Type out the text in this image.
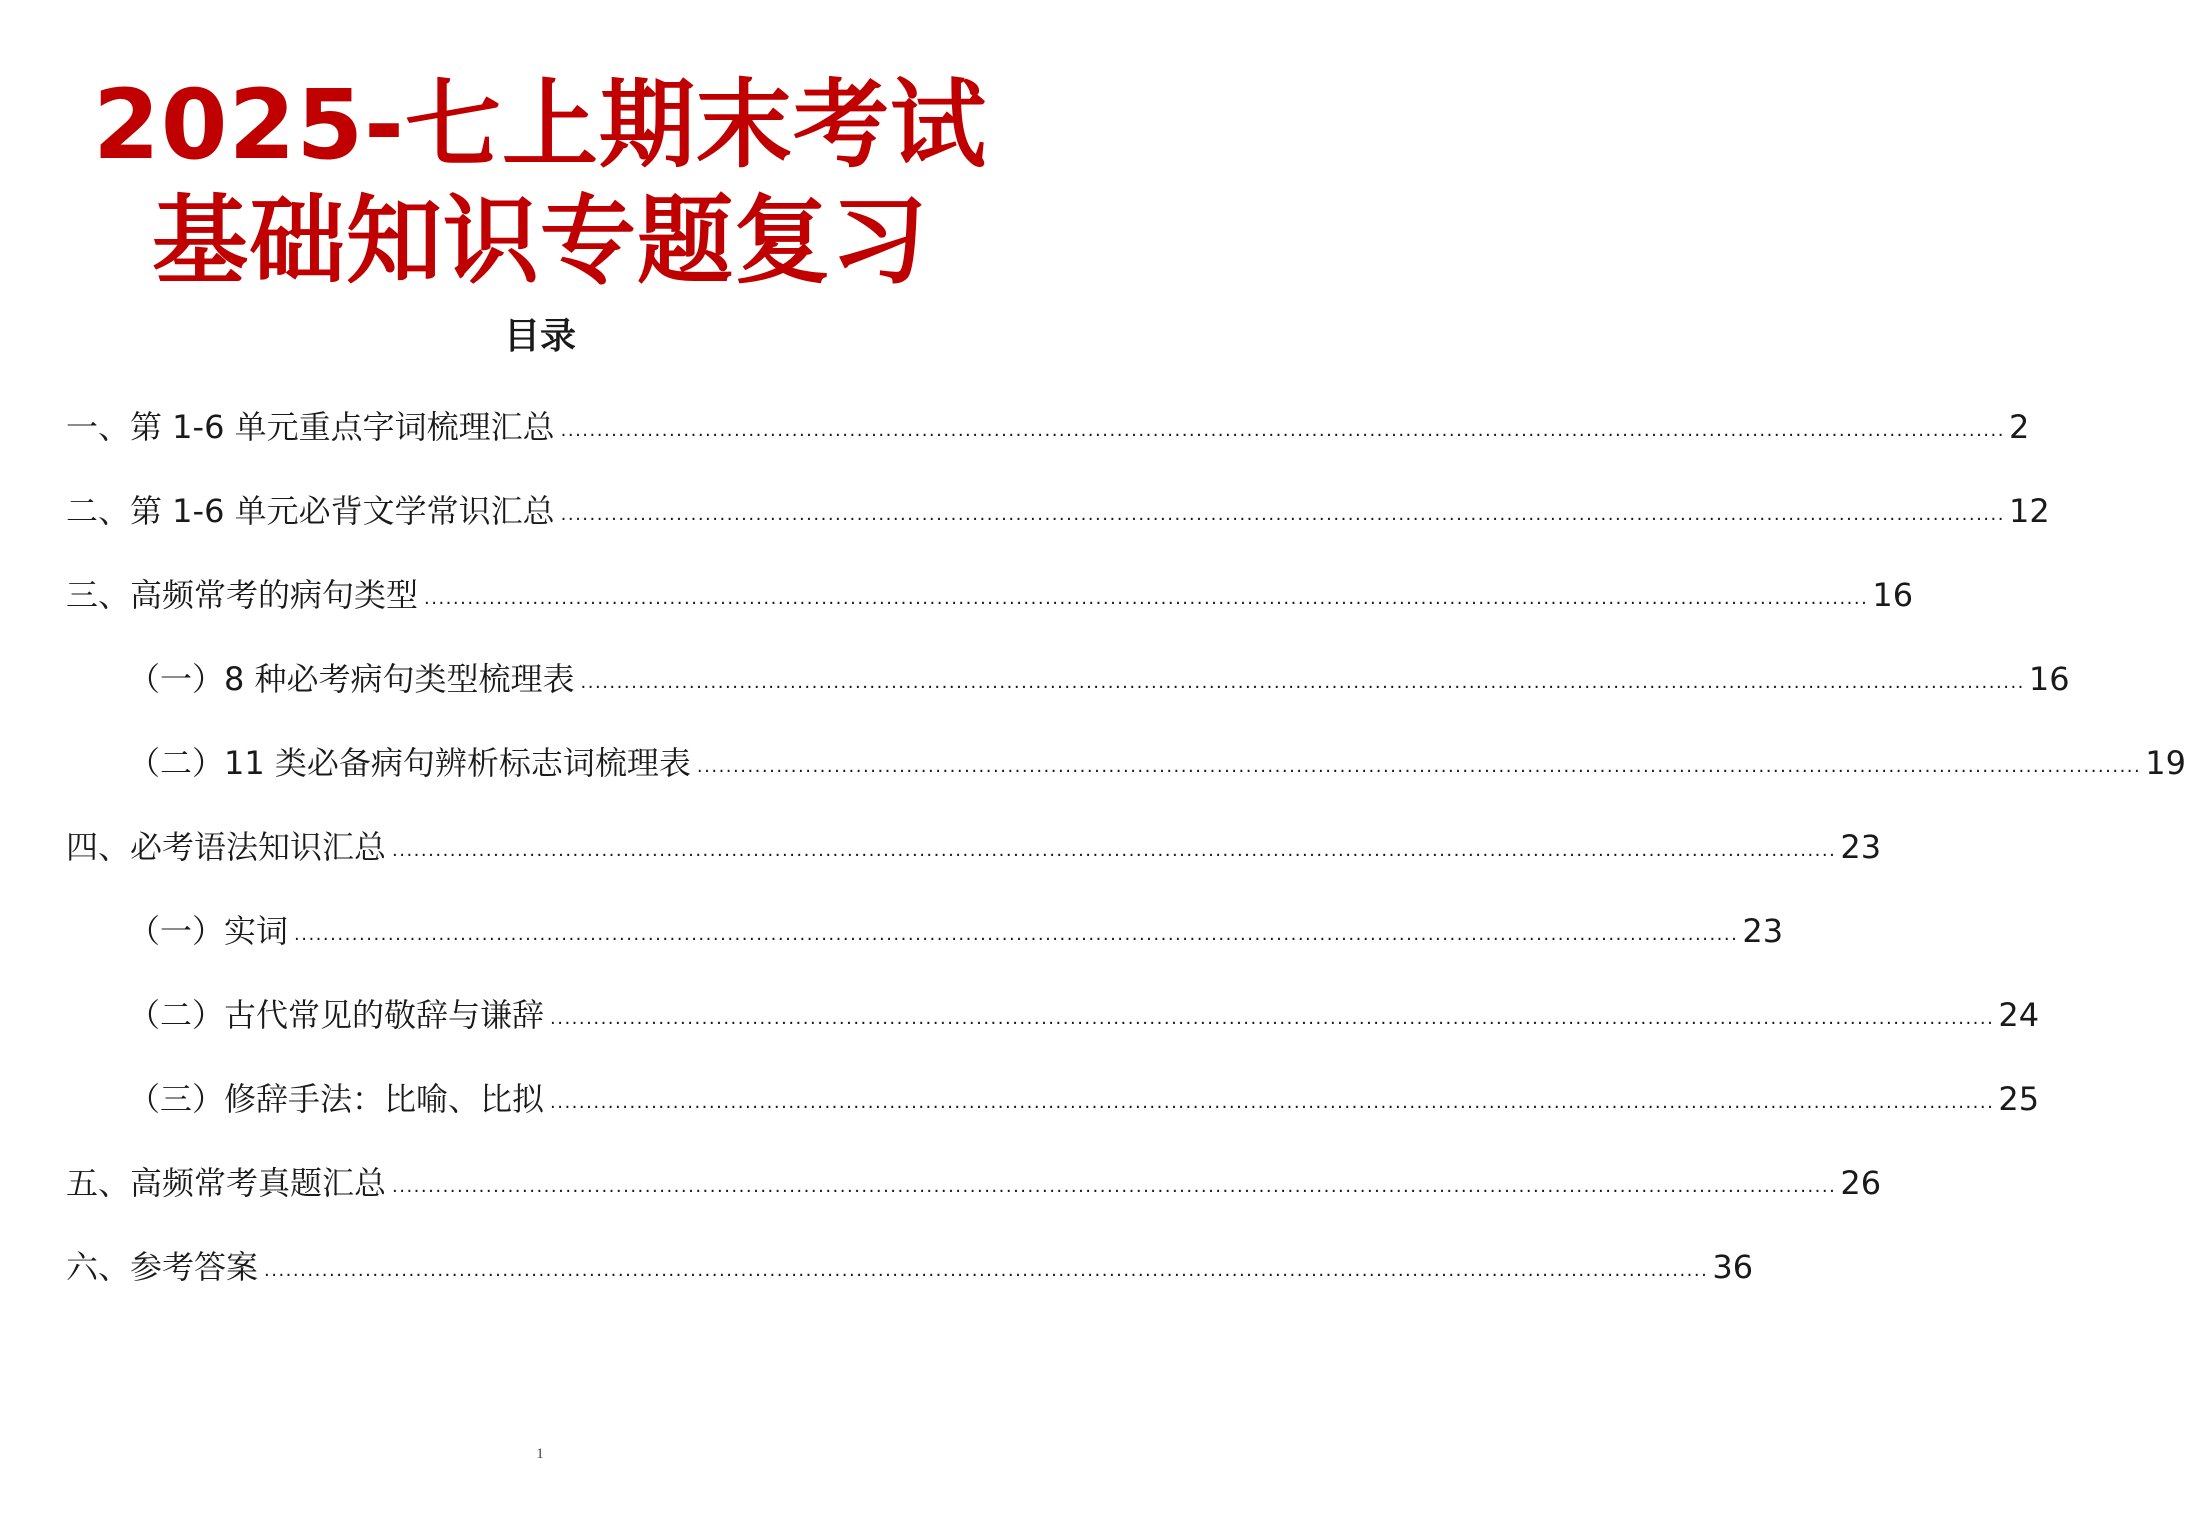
2025-七上期末考试
基础知识专题复习
目录
一、第 1-6 单元重点字词梳理汇总 ........................................................................................................................................................................................................ 2
二、第 1-6 单元必背文学常识汇总 ........................................................................................................................................................................................................ 12
三、高频常考的病句类型 ........................................................................................................................................................................................................ 16
（一）8 种必考病句类型梳理表 ........................................................................................................................................................................................................ 16
（二）11 类必备病句辨析标志词梳理表 ........................................................................................................................................................................................................ 19
四、必考语法知识汇总 ........................................................................................................................................................................................................ 23
（一）实词 ........................................................................................................................................................................................................ 23
（二）古代常见的敬辞与谦辞 ........................................................................................................................................................................................................ 24
（三）修辞手法：比喻、比拟 ........................................................................................................................................................................................................ 25
五、高频常考真题汇总 ........................................................................................................................................................................................................ 26
六、参考答案 ........................................................................................................................................................................................................ 36
1
